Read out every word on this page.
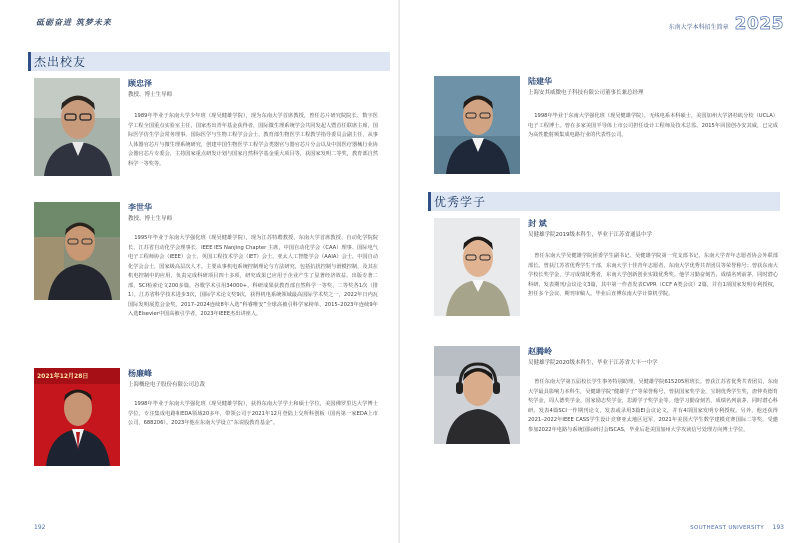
砥砺奋进 筑梦未来
杰出校友
顾忠泽
教授、博士生导师

1989年毕业于东南大学少年班（现吴健雄学院），现为东南大学首席教授，曾任芯片研究院院长、数字医学工程全国重点实验室主任，国家杰出青年基金获得者，国际微生理系统学会共同发起人暨首任联席主席，国际医学仿生学会常务理事，国际医学与生物工程学会会士，教育部生物医学工程教学指导委员会副主任，从事人体器官芯片与微生理系统研究，创建中国生物医学工程学会类器官与器官芯片分会以及中国医疗器械行业协会器官芯片专委会，主持国家重点研发计划与国家自然科学基金重大项目等，获国家发明二等奖，教育部自然科学一等奖等。

李世华
教授、博士生导师

1995年毕业于东南大学强化班（现吴健雄学院），现为江苏特聘教授、东南大学首席教授、自动化学院院长、江苏省自动化学会理事长、IEEE IES Nanjing Chapter 主席，中国自动化学会（CAA）理事、国际电气电子工程师协会（IEEE）会士、英国工程技术学会（IET）会士，亚太人工智能学会（AAIA）会士，中国自动化学会会士，国家级高层次人才。主要从事机电系统控制理论与方法研究，包括抗扰控制与滑模控制，及其在机电控制中的应用，负责完成科研项目四十多项，研究成果已应用于企业产生了显著经济效益。出版专著二部，SCI检索论文200多篇，谷歌学术引用34000+，科研成果获教育部自然科学一等奖、二等奖各1次（排1），江苏省科学技术进步3次，国际学术论文奖9次，获得机电系统领域最高国际学术奖之一，2022年日内瓦国际发明展览会金奖。2017–2024连续8年入选“科睿唯安”全球高被引科学家榜单，2015–2023年连续9年入选Elsevier中国高被引学者，2023年IEEE杰出讲座人。

2021年12月28日	杨廉峰
上海概伦电子股份有限公司总裁

1998年毕业于东南大学强化班（现吴健雄学院），获得东南大学学士和硕士学位，美国佛罗里达大学博士学位，专注集成电路和EDA领域20多年，带领公司于2021年12月登陆上交所科创板（国内第一家EDA上市公司，688206）。2023年他在东南大学设立“东说股教育基金”。

192
东南大学本科招生简章 2025
陆建华
上海安其威微电子科技有限公司董事长兼总经理

1998年毕业于东南大学强化班（现吴健雄学院），无线电系本科硕士，美国加州大学洛杉矶分校（UCLA）电子工程博士。曾在多家美国半导体上市公司担任设计工程师及技术总监。2015年回国创办安其威，已完成为高性能射频集成电路行业的代表性公司。

优秀学子
封 斌
吴健雄学院2019级本科生，毕业于江苏省通县中学

曾任东南大学吴健雄学院团委学生副书记、吴健雄学院第一党支部书记，东南大学青年志愿者协会外联部部长。曾获江苏省优秀学生干部，东南大学十佳青年志愿者，东南大学优秀共青团员等荣誉称号；曾获东南大学校长奖学金，学习成绩优秀者，东南大学创新创业实践优秀奖。他学习勤奋刻苦，成绩名列前茅，同时潜心科研，发表期刊/会议论文3篇，其中第一作者发表CVPR（CCF A类会议）2篇，并有1项国家发明专利授权，担任多个会议、期刊审稿人。毕业后直博东南大学计算机学院。

赵腾岭
吴健雄学院2020级本科生，毕业于江苏省大丰一中学

曾任东南大学第五届校长学生事务特别助理，吴健雄学院615205班班长。曾获江苏省优秀共青团员，东南大学最具影响力本科生，吴健雄学院“健雄学子”等荣誉称号，曾获国家奖学金，宝钢优秀学生奖，唐仲英德育奖学金，周人德奖学金，国家励志奖学金，思源学子奖学金等。他学习勤奋刻苦，成绩名列前茅，同时潜心科研，发表4篇SCI一作期刊论文，发表或录用3篇EI会议论文，并有4项国家发明专利授权。另外，他还获得2021–2022年IEEE CASS学生设计竞赛亚太地区冠军，2021年美国大学生数学建模竞赛国际二等奖，受邀参加2022年电路与系统国际研讨会ISCAS，毕业后赴美国加州大学攻读信号处理方向博士学位。

SOUTHEAST UNIVERSITY 193
